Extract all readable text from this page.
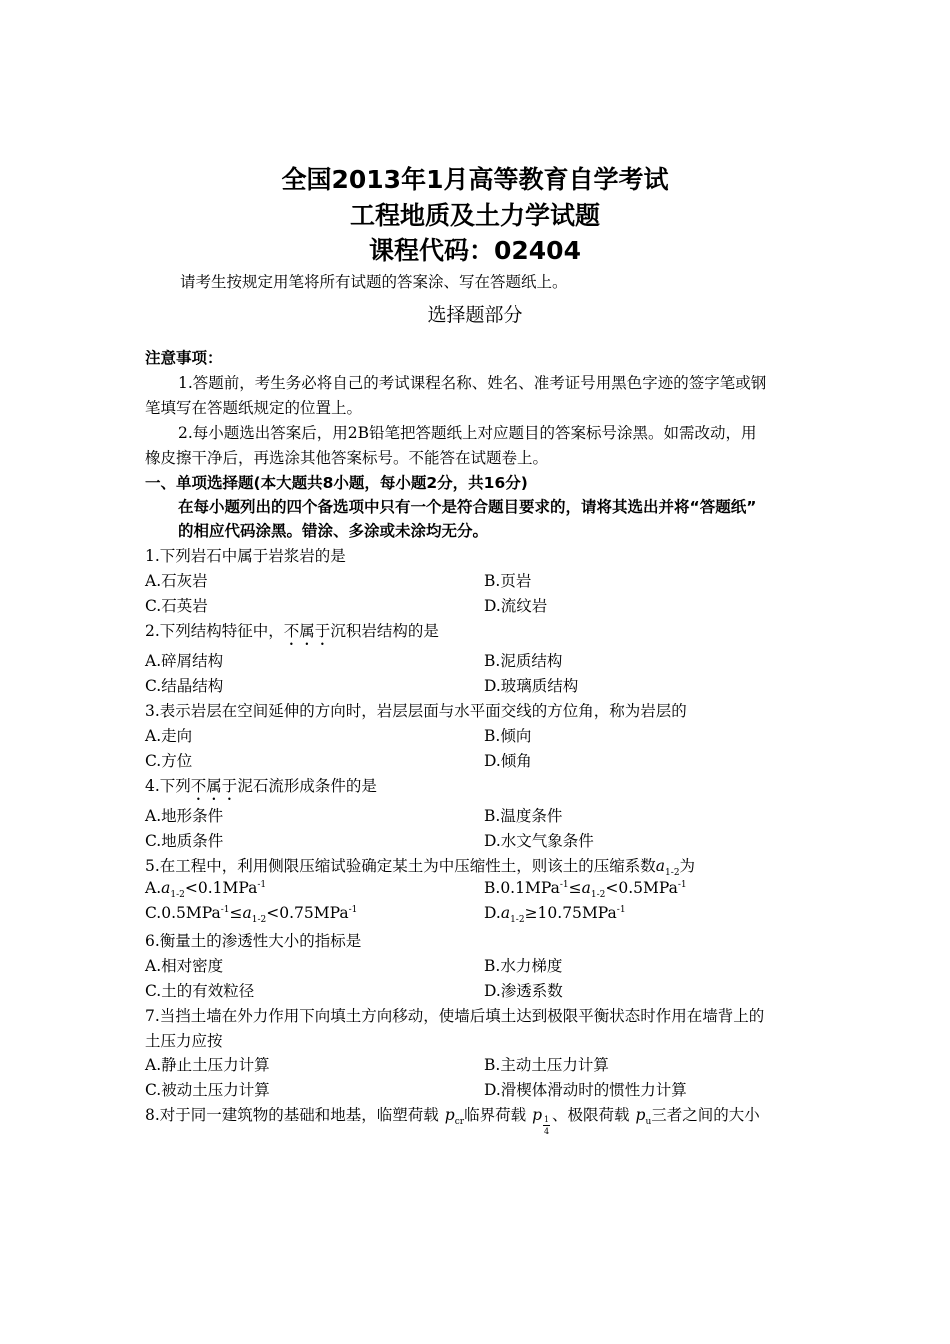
全国2013年1月高等教育自学考试
工程地质及土力学试题
课程代码：02404
请考生按规定用笔将所有试题的答案涂、写在答题纸上。
选择题部分
注意事项：
1.答题前，考生务必将自己的考试课程名称、姓名、准考证号用黑色字迹的签字笔或钢
笔填写在答题纸规定的位置上。
2.每小题选出答案后，用2B铅笔把答题纸上对应题目的答案标号涂黑。如需改动，用
橡皮擦干净后，再选涂其他答案标号。不能答在试题卷上。
一、单项选择题(本大题共8小题，每小题2分，共16分)
在每小题列出的四个备选项中只有一个是符合题目要求的，请将其选出并将“答题纸”
的相应代码涂黑。错涂、多涂或未涂均无分。
1.下列岩石中属于岩浆岩的是
A.石灰岩	B.页岩
C.石英岩	D.流纹岩
2.下列结构特征中，不属于沉积岩结构的是
A.碎屑结构	B.泥质结构
C.结晶结构	D.玻璃质结构
3.表示岩层在空间延伸的方向时，岩层层面与水平面交线的方位角，称为岩层的
A.走向	B.倾向
C.方位	D.倾角
4.下列不属于泥石流形成条件的是
A.地形条件	B.温度条件
C.地质条件	D.水文气象条件
5.在工程中，利用侧限压缩试验确定某土为中压缩性土，则该土的压缩系数$a_{1-2}$为
$A.a_{1-2}<0.1MPa^{-1}$	$B.0.1MPa^{-1}\le a_{1-2}<0.5MPa^{-1}$
$C.0.5MPa^{-1}\le a_{1-2}<0.75MPa^{-1}$	$D.a_{1-2}\ge 10.75MPa^{-1}$
6.衡量土的渗透性大小的指标是
A.相对密度	B.水力梯度
C.土的有效粒径	D.渗透系数
7.当挡土墙在外力作用下向填土方向移动，使墙后填土达到极限平衡状态时作用在墙背上的
土压力应按
A.静止土压力计算	B.主动土压力计算
C.被动土压力计算	D.滑楔体滑动时的惯性力计算
8.对于同一建筑物的基础和地基，临塑荷载 $p_{cr}$临界荷载 p
$\frac{1}{4}$
、极限荷载 $p_u$三者之间的大小
